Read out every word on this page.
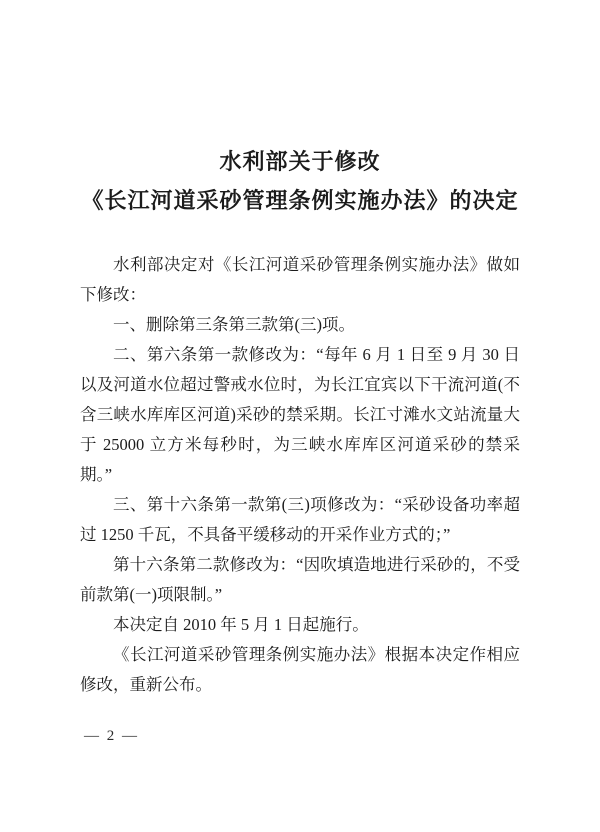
水利部关于修改
《长江河道采砂管理条例实施办法》的决定

水利部决定对《长江河道采砂管理条例实施办法》做如下修改：

一、删除第三条第三款第(三)项。

二、第六条第一款修改为：“每年 6 月 1 日至 9 月 30 日以及河道水位超过警戒水位时，为长江宜宾以下干流河道(不含三峡水库库区河道)采砂的禁采期。长江寸滩水文站流量大于 25000 立方米每秒时，为三峡水库库区河道采砂的禁采期。”

三、第十六条第一款第(三)项修改为：“采砂设备功率超过 1250 千瓦，不具备平缓移动的开采作业方式的；”

第十六条第二款修改为：“因吹填造地进行采砂的，不受前款第(一)项限制。”

本决定自 2010 年 5 月 1 日起施行。

《长江河道采砂管理条例实施办法》根据本决定作相应修改，重新公布。

— 2 —
